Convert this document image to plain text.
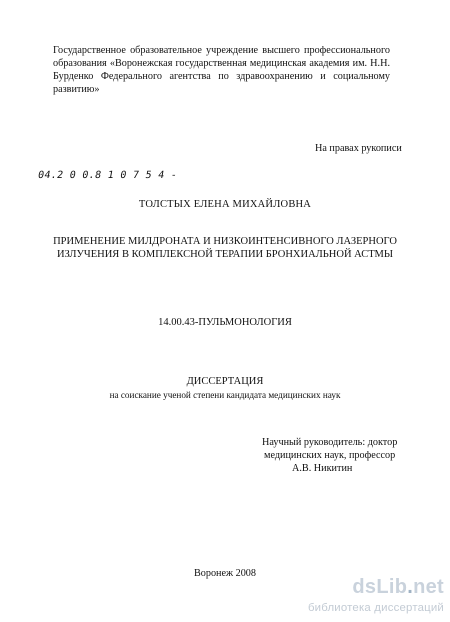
Государственное образовательное учреждение высшего профессионального
образования «Воронежская государственная медицинская академия им. Н.Н.
Бурденко Федерального агентства по здравоохранению и социальному
развитию»
На правах рукописи
04.2 0 0.8 1 0 7 5 4 -
ТОЛСТЫХ ЕЛЕНА МИХАЙЛОВНА
ПРИМЕНЕНИЕ МИЛДРОНАТА И НИЗКОИНТЕНСИВНОГО ЛАЗЕРНОГО
ИЗЛУЧЕНИЯ В КОМПЛЕКСНОЙ ТЕРАПИИ БРОНХИАЛЬНОЙ АСТМЫ
14.00.43-ПУЛЬМОНОЛОГИЯ
ДИССЕРТАЦИЯ
на соискание ученой степени кандидата медицинских наук
Научный руководитель: доктор
медицинских наук, профессор
А.В. Никитин
Воронеж 2008
dsLib.net
библиотека диссертаций
